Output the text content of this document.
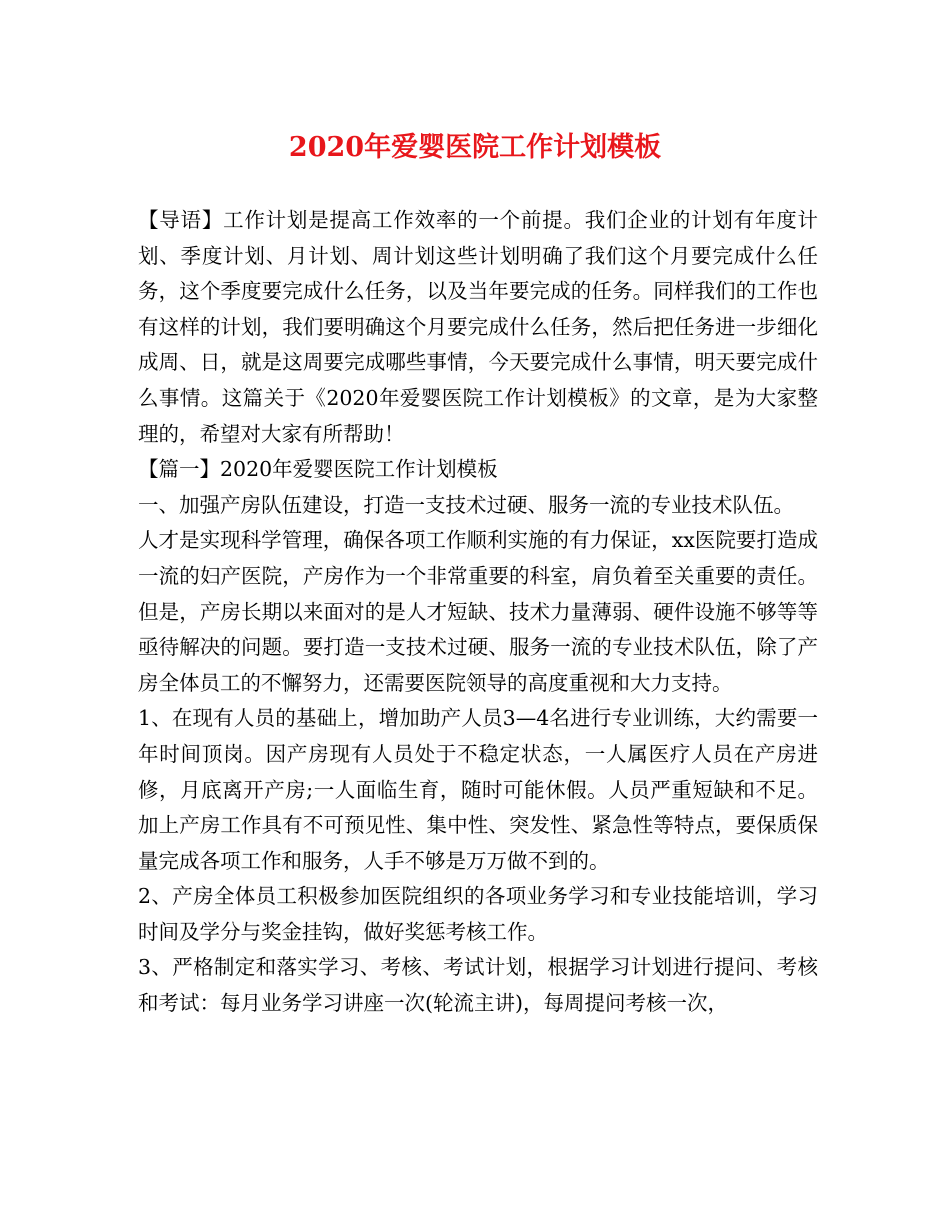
2020年爱婴医院工作计划模板

【导语】工作计划是提高工作效率的一个前提。我们企业的计划有年度计划、季度计划、月计划、周计划这些计划明确了我们这个月要完成什么任务，这个季度要完成什么任务，以及当年要完成的任务。同样我们的工作也有这样的计划，我们要明确这个月要完成什么任务，然后把任务进一步细化成周、日，就是这周要完成哪些事情，今天要完成什么事情，明天要完成什么事情。这篇关于《2020年爱婴医院工作计划模板》的文章，是为大家整理的，希望对大家有所帮助！

【篇一】2020年爱婴医院工作计划模板

一、加强产房队伍建设，打造一支技术过硬、服务一流的专业技术队伍。

人才是实现科学管理，确保各项工作顺利实施的有力保证，xx医院要打造成一流的妇产医院，产房作为一个非常重要的科室，肩负着至关重要的责任。但是，产房长期以来面对的是人才短缺、技术力量薄弱、硬件设施不够等等亟待解决的问题。要打造一支技术过硬、服务一流的专业技术队伍，除了产房全体员工的不懈努力，还需要医院领导的高度重视和大力支持。

1、在现有人员的基础上，增加助产人员3—4名进行专业训练，大约需要一年时间顶岗。因产房现有人员处于不稳定状态，一人属医疗人员在产房进修，月底离开产房;一人面临生育，随时可能休假。人员严重短缺和不足。加上产房工作具有不可预见性、集中性、突发性、紧急性等特点，要保质保量完成各项工作和服务，人手不够是万万做不到的。

2、产房全体员工积极参加医院组织的各项业务学习和专业技能培训，学习时间及学分与奖金挂钩，做好奖惩考核工作。

3、严格制定和落实学习、考核、考试计划，根据学习计划进行提问、考核和考试：每月业务学习讲座一次(轮流主讲)，每周提问考核一次，
